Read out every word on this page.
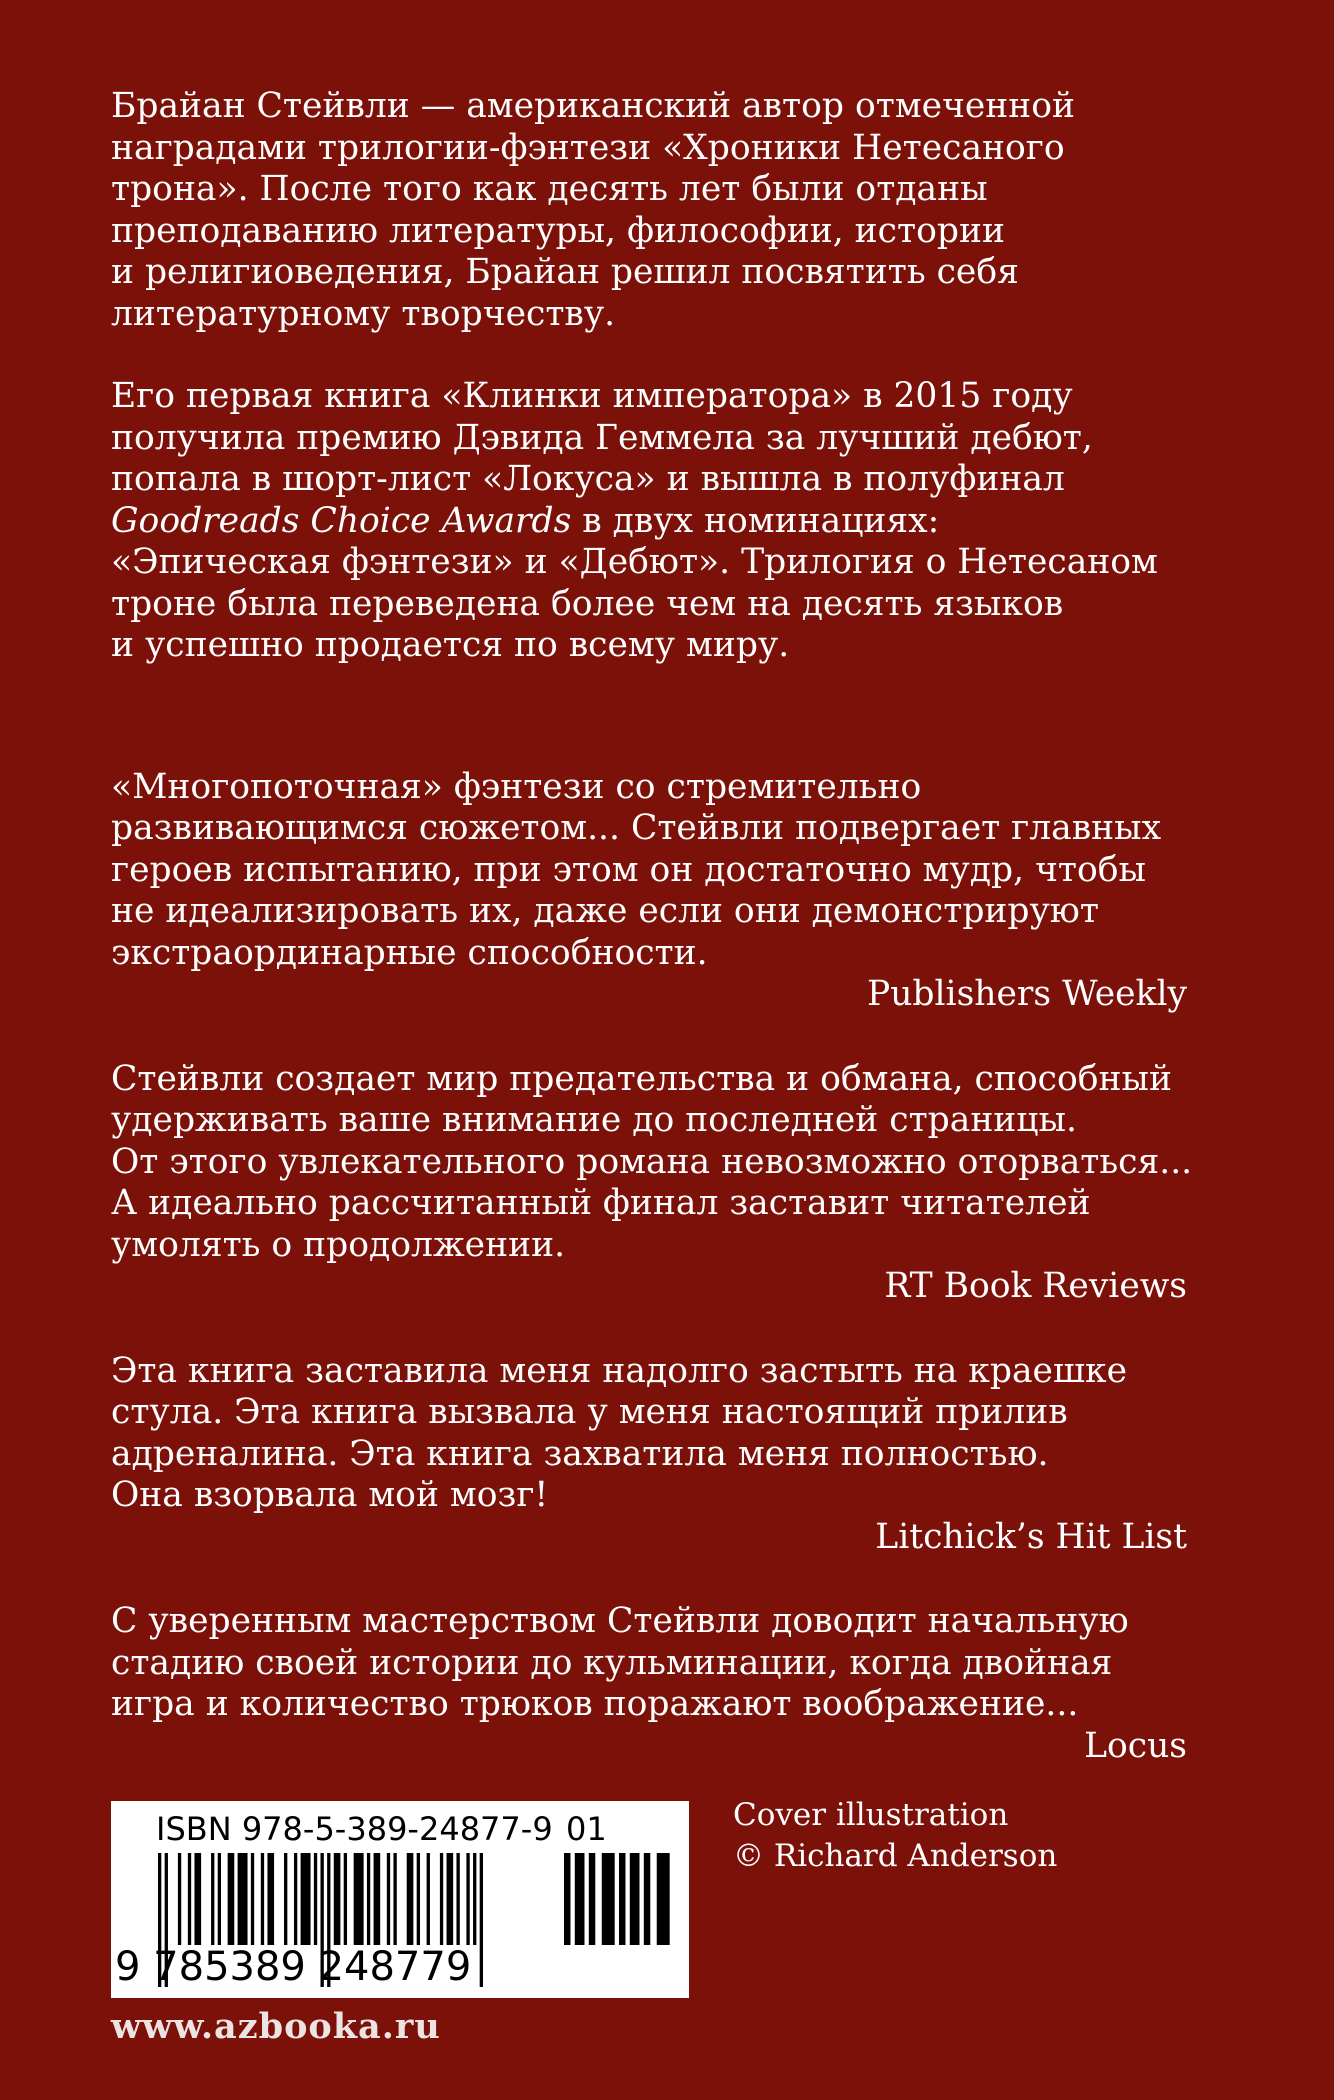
Брайан Стейвли — американский автор отмеченной
наградами трилогии-фэнтези «Хроники Нетесаного
трона». После того как десять лет были отданы
преподаванию литературы, философии, истории
и религиоведения, Брайан решил посвятить себя
литературному творчеству.

Его первая книга «Клинки императора» в 2015 году
получила премию Дэвида Геммела за лучший дебют,
попала в шорт-лист «Локуса» и вышла в полуфинал
Goodreads Choice Awards в двух номинациях:
«Эпическая фэнтези» и «Дебют». Трилогия о Нетесаном
троне была переведена более чем на десять языков
и успешно продается по всему миру.

«Многопоточная» фэнтези со стремительно
развивающимся сюжетом... Стейвли подвергает главных
героев испытанию, при этом он достаточно мудр, чтобы
не идеализировать их, даже если они демонстрируют
экстраординарные способности.

Publishers Weekly

Стейвли создает мир предательства и обмана, способный
удерживать ваше внимание до последней страницы.
От этого увлекательного романа невозможно оторваться...
А идеально рассчитанный финал заставит читателей
умолять о продолжении.

RT Book Reviews

Эта книга заставила меня надолго застыть на краешке
стула. Эта книга вызвала у меня настоящий прилив
адреналина. Эта книга захватила меня полностью.
Она взорвала мой мозг!

Litchick’s Hit List

С уверенным мастерством Стейвли доводит начальную
стадию своей истории до кульминации, когда двойная
игра и количество трюков поражают воображение...

Locus

ISBN 978-5-389-24877-9 01
9 785389 248779
Cover illustration
© Richard Anderson
www.azbooka.ru
